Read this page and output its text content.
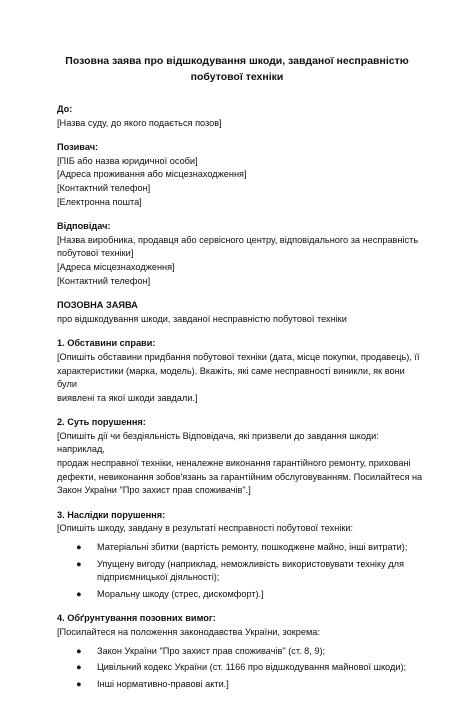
Позовна заява про відшкодування шкоди, завданої несправністю
побутової техніки
До:
[Назва суду, до якого подається позов]
Позивач:
[ПІБ або назва юридичної особи]
[Адреса проживання або місцезнаходження]
[Контактний телефон]
[Електронна пошта]
Відповідач:
[Назва виробника, продавця або сервісного центру, відповідального за несправність
побутової техніки]
[Адреса місцезнаходження]
[Контактний телефон]
ПОЗОВНА ЗАЯВА
про відшкодування шкоди, завданої несправністю побутової техніки
1. Обставини справи:
[Опишіть обставини придбання побутової техніки (дата, місце покупки, продавець), її
характеристики (марка, модель). Вкажіть, які саме несправності виникли, як вони були
виявлені та якої шкоди завдали.]
2. Суть порушення:
[Опишіть дії чи бездіяльність Відповідача, які призвели до завдання шкоди: наприклад,
продаж несправної техніки, неналежне виконання гарантійного ремонту, приховані
дефекти, невиконання зобов'язань за гарантійним обслуговуванням. Посилайтеся на
Закон України "Про захист прав споживачів".]
3. Наслідки порушення:
[Опишіть шкоду, завдану в результаті несправності побутової техніки:
● Матеріальні збитки (вартість ремонту, пошкоджене майно, інші витрати);
● Упущену вигоду (наприклад, неможливість використовувати техніку для
підприємницької діяльності);
● Моральну шкоду (стрес, дискомфорт).]
4. Обґрунтування позовних вимог:
[Посилайтеся на положення законодавства України, зокрема:
● Закон України "Про захист прав споживачів" (ст. 8, 9);
● Цивільний кодекс України (ст. 1166 про відшкодування майнової шкоди);
● Інші нормативно-правові акти.]
